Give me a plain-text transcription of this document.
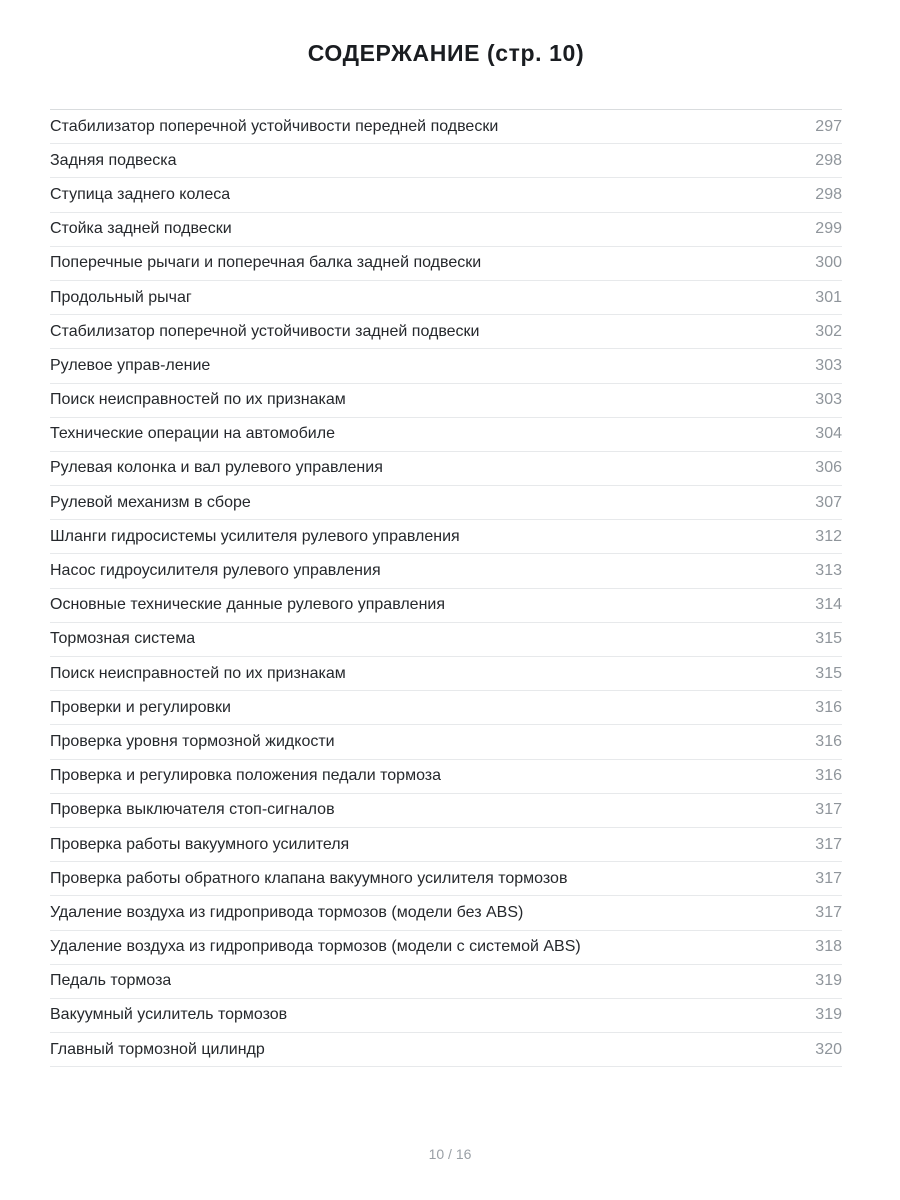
СОДЕРЖАНИЕ (стр. 10)
Стабилизатор поперечной устойчивости передней подвески	297
Задняя подвеска	298
Ступица заднего колеса	298
Стойка задней подвески	299
Поперечные рычаги и поперечная балка задней подвески	300
Продольный рычаг	301
Стабилизатор поперечной устойчивости задней подвески	302
Рулевое управ-ление	303
Поиск неисправностей по их признакам	303
Технические операции на автомобиле	304
Рулевая колонка и вал рулевого управления	306
Рулевой механизм в сборе	307
Шланги гидросистемы усилителя рулевого управления	312
Насос гидроусилителя рулевого управления	313
Основные технические данные рулевого управления	314
Тормозная система	315
Поиск неисправностей по их признакам	315
Проверки и регулировки	316
Проверка уровня тормозной жидкости	316
Проверка и регулировка положения педали тормоза	316
Проверка выключателя стоп-сигналов	317
Проверка работы вакуумного усилителя	317
Проверка работы обратного клапана вакуумного усилителя тормозов	317
Удаление воздуха из гидропривода тормозов (модели без ABS)	317
Удаление воздуха из гидропривода тормозов (модели с системой ABS)	318
Педаль тормоза	319
Вакуумный усилитель тормозов	319
Главный тормозной цилиндр	320
10 / 16
